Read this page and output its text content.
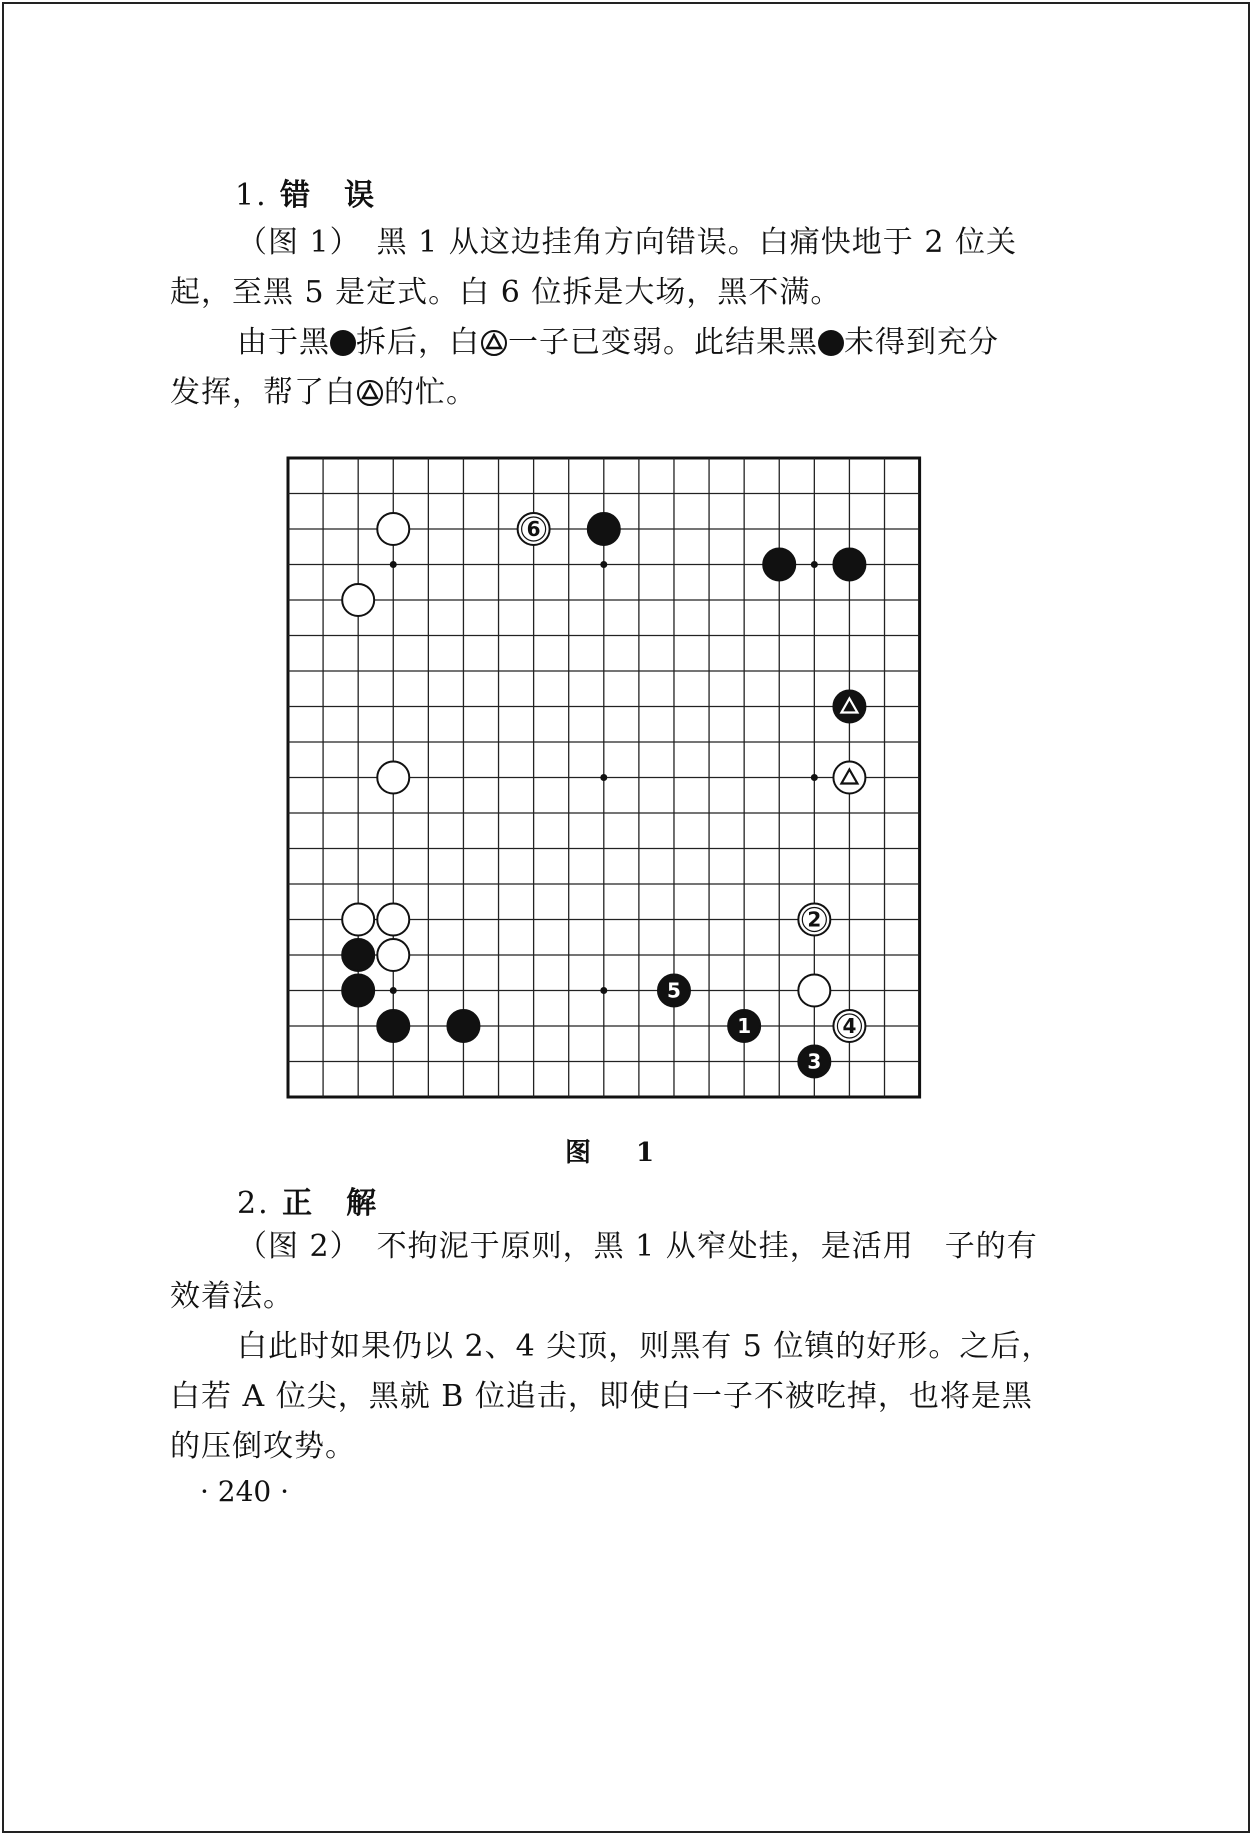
1. 错　误

（图 1）　黑 1 从这边挂角方向错误。白痛快地于 2 位关

起，至黑 5 是定式。白 6 位拆是大场，黑不满。

由于黑 拆后，白 一子已变弱。此结果黑 未得到充分

发挥，帮了白 的忙。

6
2
5
1	4
3
图 1
2. 正　解

（图 2）　不拘泥于原则，黑 1 从窄处挂，是活用　子的有

效着法。

白此时如果仍以 2、4 尖顶，则黑有 5 位镇的好形。之后，

白若 A 位尖，黑就 B 位追击，即使白一子不被吃掉，也将是黑

的压倒攻势。

· 240 ·
